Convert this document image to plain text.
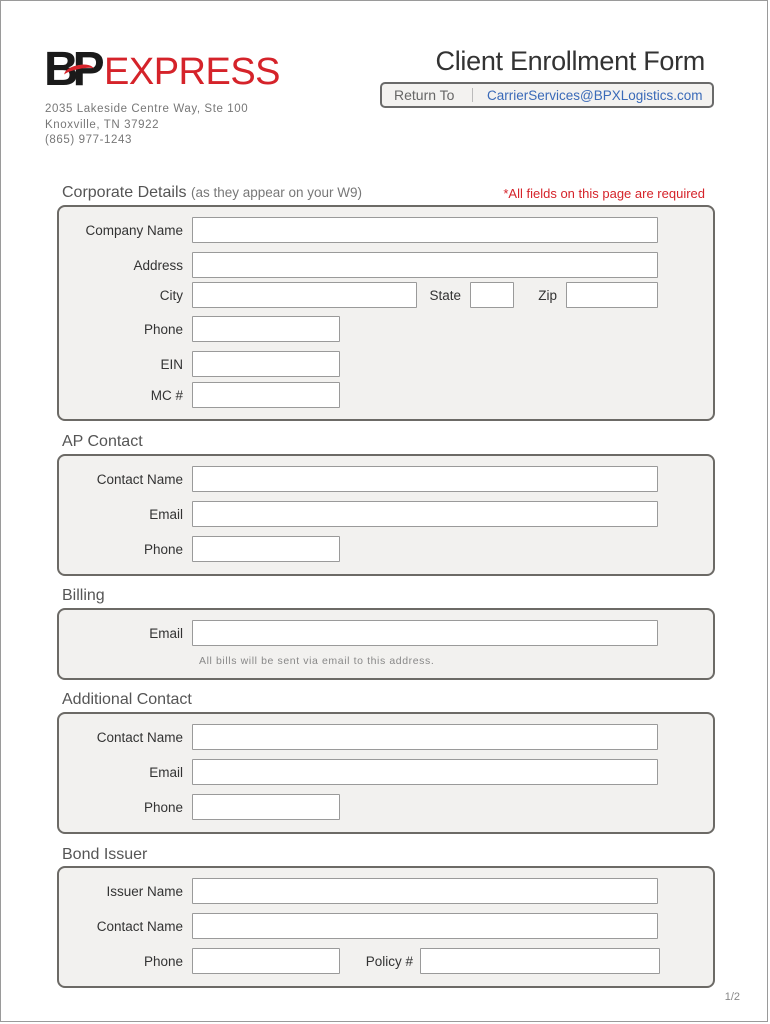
BP EXPRESS
2035 Lakeside Centre Way, Ste 100
Knoxville, TN 37922
(865) 977-1243
Client Enrollment Form
Return To	CarrierServices@BPXLogistics.com
Corporate Details (as they appear on your W9)	*All fields on this page are required
Company Name
Address
City	State	Zip
Phone
EIN
MC #
AP Contact
Contact Name
Email
Phone
Billing
Email
All bills will be sent via email to this address.
Additional Contact
Contact Name
Email
Phone
Bond Issuer
Issuer Name
Contact Name
Phone	Policy #
1/2
